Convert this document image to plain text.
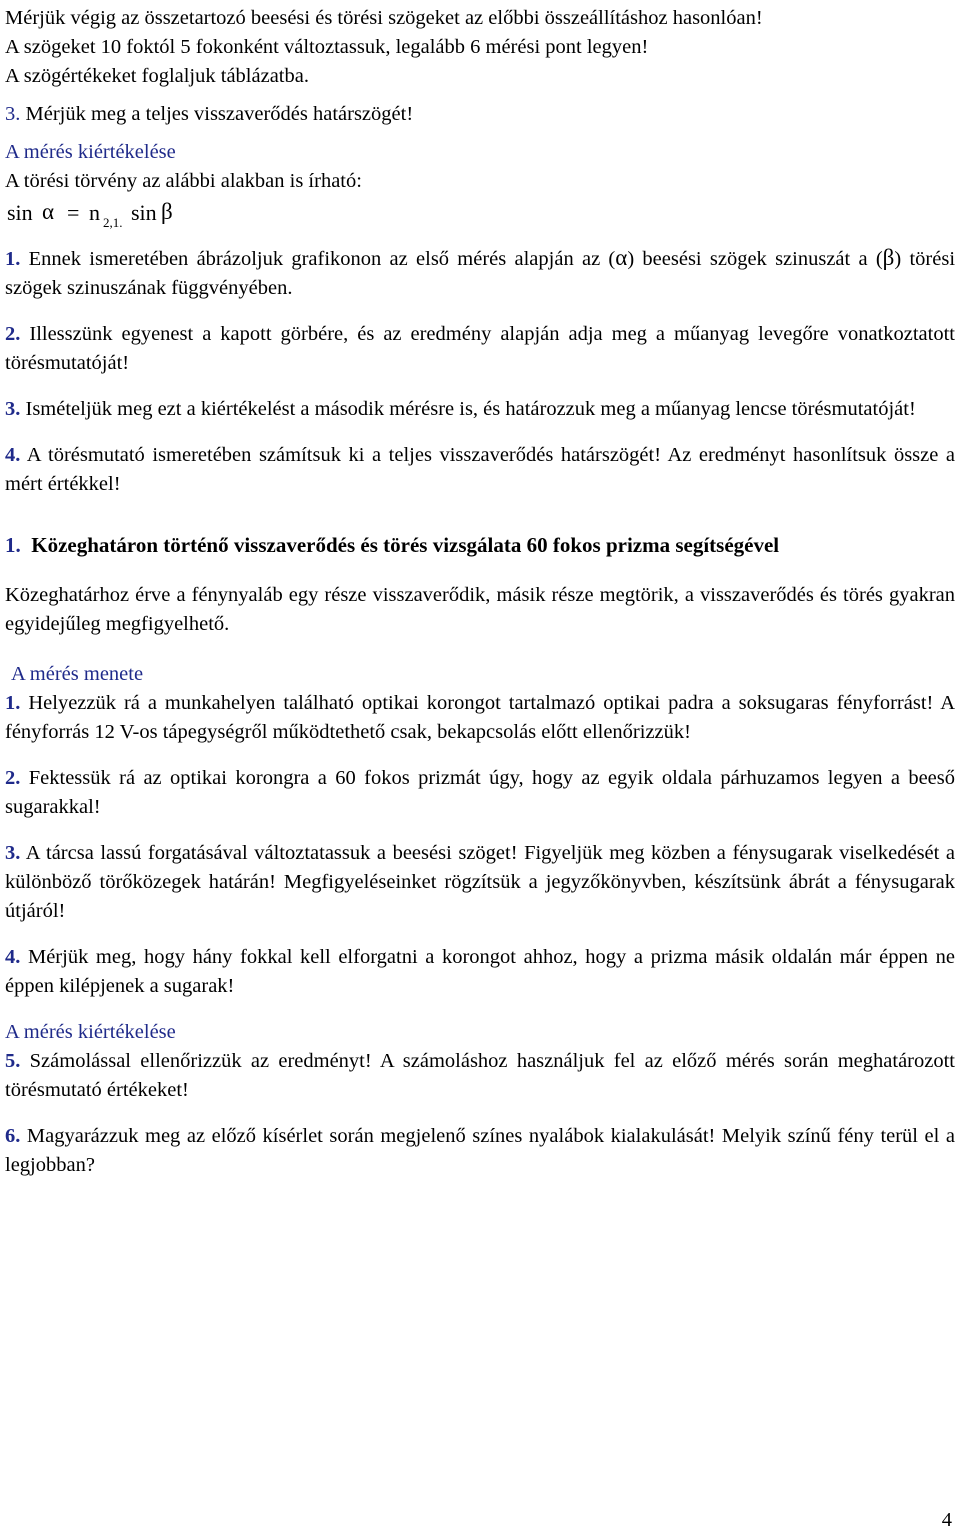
Mérjük végig az összetartozó beesési és törési szögeket az előbbi összeállításhoz hasonlóan!

A szögeket 10 foktól 5 fokonként változtassuk, legalább 6 mérési pont legyen!

A szögértékeket foglaljuk táblázatba.

3. Mérjük meg a teljes visszaverődés határszögét!

A mérés kiértékelése

A törési törvény az alábbi alakban is írható:

sin α = n 2,1. sin β

1. Ennek ismeretében ábrázoljuk grafikonon az első mérés alapján az (α) beesési szögek szinuszát a (β) törési szögek szinuszának függvényében.

2. Illesszünk egyenest a kapott görbére, és az eredmény alapján adja meg a műanyag levegőre vonatkoztatott törésmutatóját!

3. Ismételjük meg ezt a kiértékelést a második mérésre is, és határozzuk meg a műanyag lencse törésmutatóját!

4. A törésmutató ismeretében számítsuk ki a teljes visszaverődés határszögét! Az eredményt hasonlítsuk össze a mért értékkel!

1. Közeghatáron történő visszaverődés és törés vizsgálata 60 fokos prizma segítségével

Közeghatárhoz érve a fénynyaláb egy része visszaverődik, másik része megtörik, a visszaverődés és törés gyakran egyidejűleg megfigyelhető.

A mérés menete

1. Helyezzük rá a munkahelyen található optikai korongot tartalmazó optikai padra a soksugaras fényforrást! A fényforrás 12 V-os tápegységről működtethető csak, bekapcsolás előtt ellenőrizzük!

2. Fektessük rá az optikai korongra a 60 fokos prizmát úgy, hogy az egyik oldala párhuzamos legyen a beeső sugarakkal!

3. A tárcsa lassú forgatásával változtatassuk a beesési szöget! Figyeljük meg közben a fénysugarak viselkedését a különböző törőközegek határán! Megfigyeléseinket rögzítsük a jegyzőkönyvben, készítsünk ábrát a fénysugarak útjáról!

4. Mérjük meg, hogy hány fokkal kell elforgatni a korongot ahhoz, hogy a prizma másik oldalán már éppen ne éppen kilépjenek a sugarak!

A mérés kiértékelése

5. Számolással ellenőrizzük az eredményt! A számoláshoz használjuk fel az előző mérés során meghatározott törésmutató értékeket!

6. Magyarázzuk meg az előző kísérlet során megjelenő színes nyalábok kialakulását! Melyik színű fény terül el a legjobban?

4
